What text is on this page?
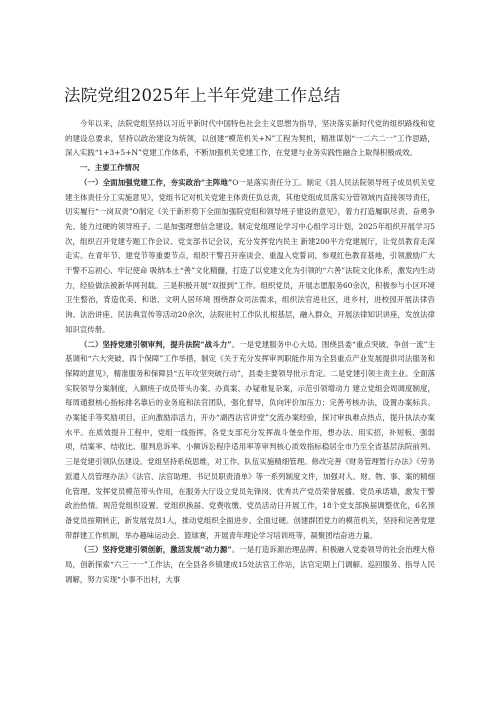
法院党组2025年上半年党建工作总结

今年以来，法院党组坚持以习近平新时代中国特色社会主义思想为指导，坚决落实新时代党的组织路线和党的建设总要求，坚持以政治建设为统领，以创建“模范机关+N”工程为契机，精准谋划“一二六二一”工作思路，深入实践“1+3+5+N”党建工作体系，不断加强机关党建工作，在党建与业务实践性融合上取得积极成效。

一、主要工作情况

（一）全面加强党建工作，夯实政治“主阵地”O一是落实责任分工。制定《县人民法院领导班子成员机关党建主体责任分工实施意见》，党组书记对机关党建主体责任负总责，其他党组成员落实分管领域内直接领导责任，切实履行“一岗双责”O制定《关于新形势下全面加强院党组和领导班子建设的意见》，着力打造履职尽责、奋勇争先、能力过硬的领导班子。二是加强理想信念建设。制定党组理论学习中心组学习计划，2025年组织开展学习5次，组织召开党建专题工作会议、党支部书记会议，充分发挥党内民主 新建200平方党建展厅，让党员教育走深走实。在青年节、建党节等重要节点，组织干警召开座谈会、重温入党誓词、参观红色教育基地，引领激励广大干警不忘初心、牢记使命 吸纳本土“善”文化精髓，打造了以党建文化为引领的“六善”法院文化体系，激发内生动力，经验做法被新华网刊载。三是积极开展“双报到”工作。组织党员，开展志愿服务60余次，积极参与小区环境卫生整治，背造优美、和谐、文明人居环境 围绕群众司法需求，组织法官进社区，进乡村，进校园开展法律咨询、法治讲座、民法典宣传等活动20余次，法院驻村工作队扎根基层，融入群众，开展法律知识讲座，发放法律知识宣传册。

（二）坚持党建引领审判，提升法院“战斗力”。一是党建服务中心大局。围绕县委“重点突破、争创一流”主基调和“六大突破、四个保障”工作举措，制定《关于充分发挥审判职能作用为全县重点产业发展提供司法服务和保障的意见》，精准服务和保障县“五年攻坚突破行动”，县委主要领导批示肯定。二是党建引领主责主业。全面落实院领导分案制度，入额班子成员带头办案、办真案、办疑难复杂案，示范引领增动力 建立党组会周调度制度，每周通报核心指标排名靠后的业务庭和法官团队，强化督导，负向评价加压力；完善考核办法，设置办案标兵、办案能手等奖励项目，正向激励添活力，开办“湖西法官讲堂”交流办案经验，探讨审执难点热点，提升执法办案水平。在质效提升工程中，党组一线指挥，各党支部充分发挥战斗堡垒作用，想办法、用实招，补短板、强弱项，结案率、结收比、服判息诉率、小额诉讼程序适用率等审判核心质效指标稳居全市乃至全省基层法院前列。三是党建引领队伍建设。党组坚持系统思维，对工作、队伍实施精细管理。修改完善《财务管理暂行办法》《劳务派遣人员管理办法》《法官、法官助理、书记员职责清单》等一系列制度文件，加强对人、财、物、事、案的精细化管理。发挥党员模范带头作用，在服务大厅设立党员先锋岗、优秀共产党员荣誉展播、党员承诺墙，激发干警政治热情。规范党组织设置、党组织换届、党费收缴、党员活动日开展工作，18个党支部换届调整优化，6名预备党员按期转正，新发展党员1人，推动党组织全面进步、全面过硬。创建群团党力的模范机关，坚持和完善党建带群建工作机制，举办趣味运动会、篮球赛，开展青年理论学习培训班等，凝聚团结奋进力量。

（三）坚持党建引领创新，激活发展“动力源”。一是打造诉源治理品牌。积极融入党委领导的社会治理大格局，创新探索“六三一一”工作法，在全县各乡镇建成15处法官工作站，法官定期上门调解、巡回服务、指导人民调解，努力实现“小事不出村，大事
